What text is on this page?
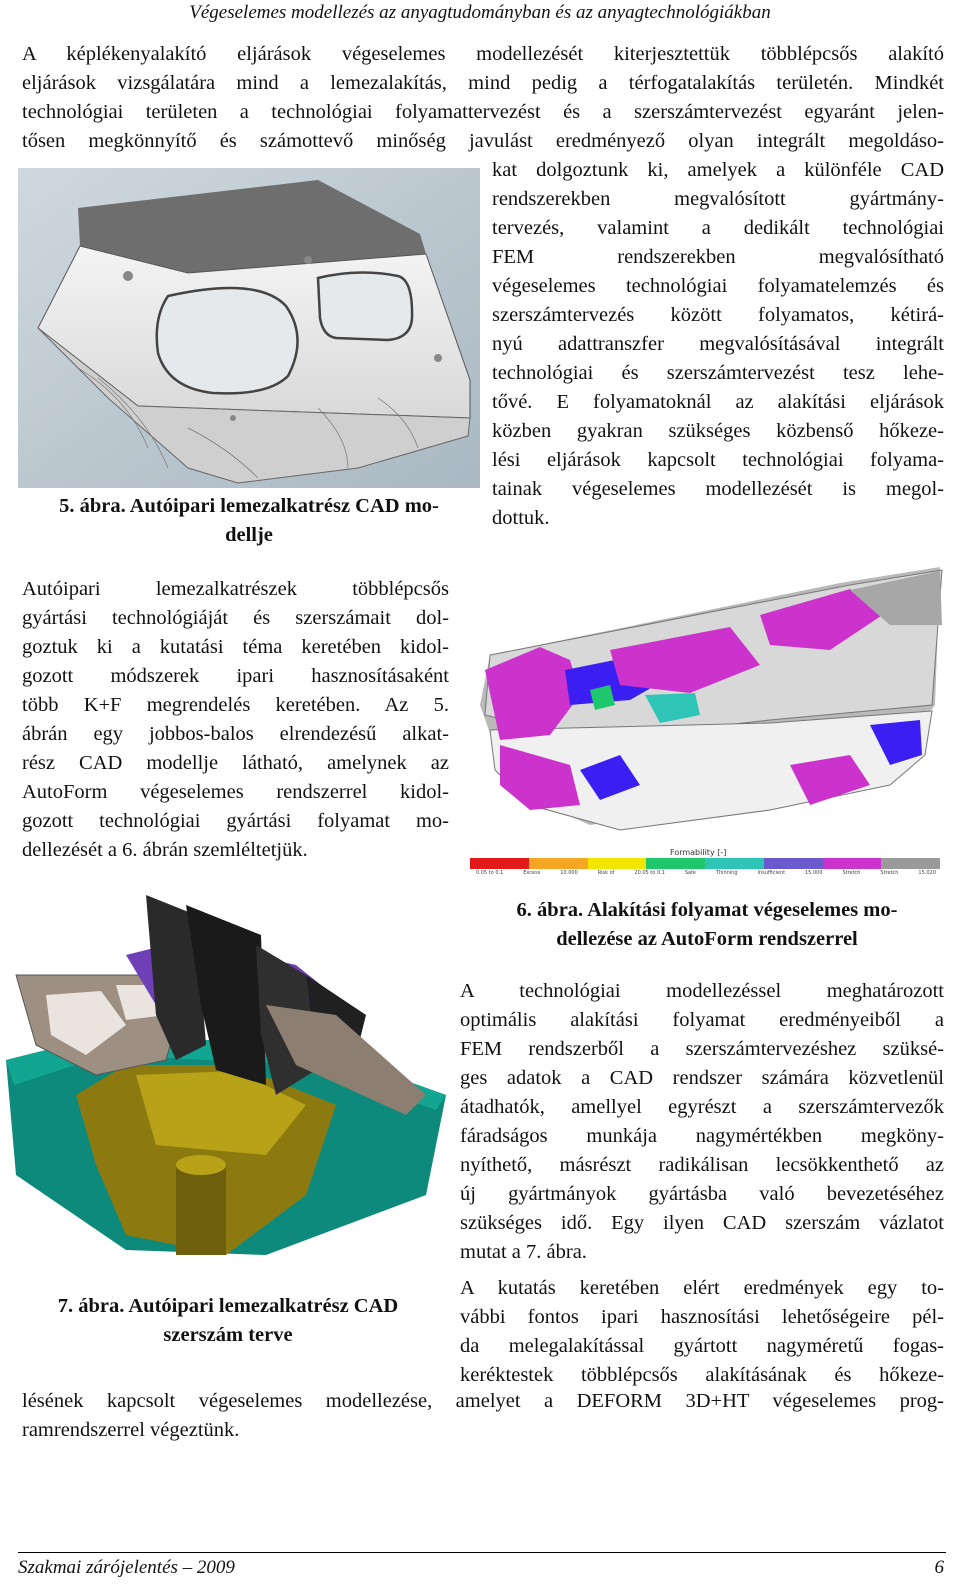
Végeselemes modellezés az anyagtudományban és az anyagtechnológiákban
A képlékenyalakító eljárások végeselemes modellezését kiterjesztettük többlépcsős alakító
eljárások vizsgálatára mind a lemezalakítás, mind pedig a térfogatalakítás területén. Mindkét
technológiai területen a technológiai folyamattervezést és a szerszámtervezést egyaránt jelen-
tősen megkönnyítő és számottevő minőség javulást eredményező olyan integrált megoldáso-
kat dolgoztunk ki, amelyek a különféle CAD
rendszerekben megvalósított gyártmány-
tervezés, valamint a dedikált technológiai
FEM rendszerekben megvalósítható
végeselemes technológiai folyamatelemzés és
szerszámtervezés között folyamatos, kétirá-
nyú adattranszfer megvalósításával integrált
technológiai és szerszámtervezést tesz lehe-
tővé. E folyamatoknál az alakítási eljárások
közben gyakran szükséges közbenső hőkeze-
lési eljárások kapcsolt technológiai folyama-
tainak végeselemes modellezését is megol-
dottuk.
5. ábra. Autóipari lemezalkatrész CAD mo-
dellje
Autóipari lemezalkatrészek többlépcsős
gyártási technológiáját és szerszámait dol-
goztuk ki a kutatási téma keretében kidol-
gozott módszerek ipari hasznosításaként
több K+F megrendelés keretében. Az 5.
ábrán egy jobbos-balos elrendezésű alkat-
rész CAD modellje látható, amelynek az
AutoForm végeselemes rendszerrel kidol-
gozott technológiai gyártási folyamat mo-
dellezését a 6. ábrán szemléltetjük.	Formability [-]
0.05 to 0.1	Excess	10.000	Risk of	20.05 to 0.1	Safe	Thinning	Insufficient	15.000	Stretch	Stretch	15.020
6. ábra. Alakítási folyamat végeselemes mo-
dellezése az AutoForm rendszerrel
A technológiai modellezéssel meghatározott
optimális alakítási folyamat eredményeiből a
FEM rendszerből a szerszámtervezéshez szüksé-
ges adatok a CAD rendszer számára közvetlenül
átadhatók, amellyel egyrészt a szerszámtervezők
fáradságos munkája nagymértékben megköny-
nyíthető, másrészt radikálisan lecsökkenthető az
új gyártmányok gyártásba való bevezetéséhez
szükséges idő. Egy ilyen CAD szerszám vázlatot
mutat a 7. ábra.
7. ábra. Autóipari lemezalkatrész CAD
szerszám terve
A kutatás keretében elért eredmények egy to-
vábbi fontos ipari hasznosítási lehetőségeire pél-
da melegalakítással gyártott nagyméretű fogas-
keréktestek többlépcsős alakításának és hőkeze-
lésének kapcsolt végeselemes modellezése, amelyet a DEFORM 3D+HT végeselemes prog-
ramrendszerrel végeztünk.
Szakmai zárójelentés – 2009	6
